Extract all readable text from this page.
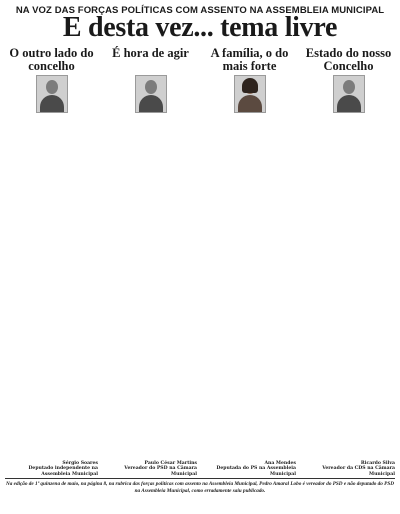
NA VOZ DAS FORÇAS POLÍTICAS COM ASSENTO NA ASSEMBLEIA MUNICIPAL
E desta vez... tema livre
O outro lado do concelho

Sérgio Soares
Deputado independente na Assembleia Municipal
É hora de agir

Paulo César Martins
Vereador do PSD na Câmara Municipal
A família, o do mais forte

Ana Mendes
Deputada do PS na Assembleia Municipal
Estado do nosso Concelho

Ricardo Silva
Vereador da CDS na Câmara Municipal
Na edição de 1º quinzena de maio, na página 8, na rubrica das forças políticas com assento na Assembleia Municipal, Pedro Amaral Lobo é vereador do PSD e não deputado do PSD na Assembleia Municipal, como erradamente saiu publicado.
